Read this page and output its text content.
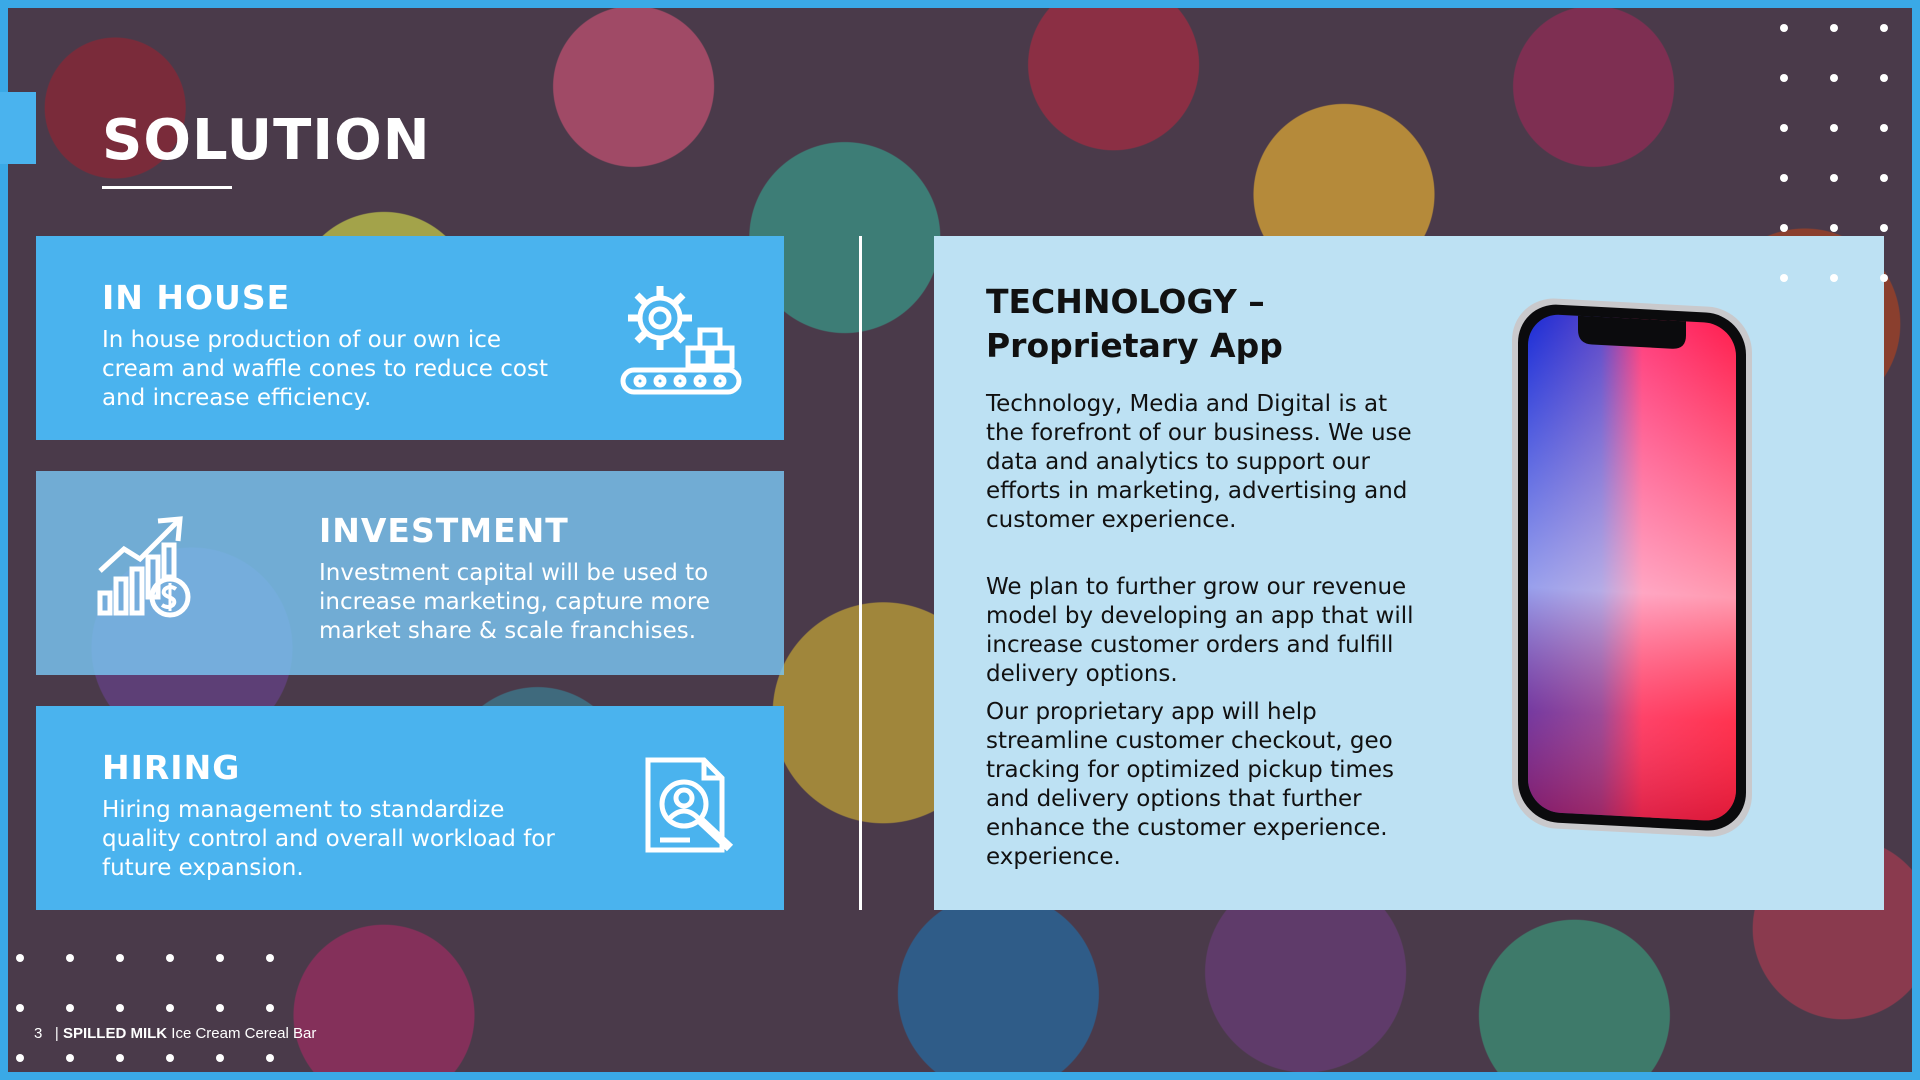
SOLUTION
IN HOUSE

In house production of our own ice cream and waffle cones to reduce cost and increase efficiency.

INVESTMENT

Investment capital will be used to increase marketing, capture more market share & scale franchises.

HIRING

Hiring management to standardize quality control and overall workload for future expansion.

TECHNOLOGY – Proprietary App

Technology, Media and Digital is at the forefront of our business. We use data and analytics to support our efforts in marketing, advertising and customer experience.

We plan to further grow our revenue model by developing an app that will increase customer orders and fulfill delivery options.

Our proprietary app will help streamline customer checkout, geo tracking for optimized pickup times and delivery options that further enhance the customer experience. experience.

3 | SPILLED MILK Ice Cream Cereal Bar
